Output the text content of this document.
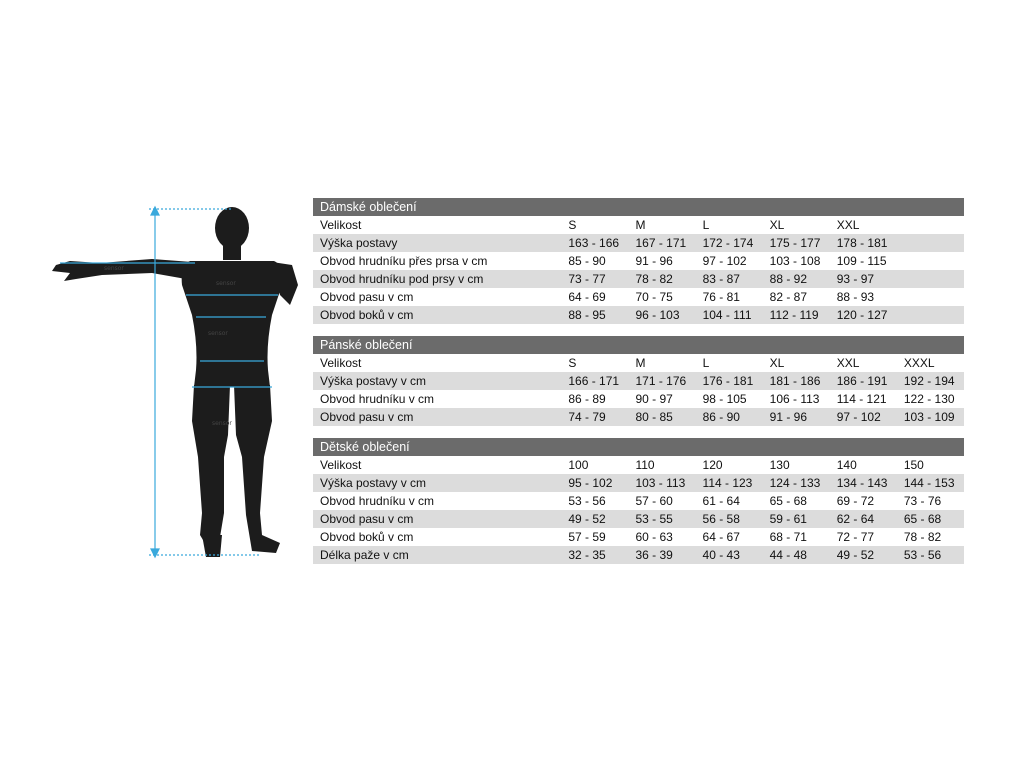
sensor
sensor
sensor
sensor
Dámské oblečení						
Velikost	S	M	L	XL	XXL	
Výška postavy	163 - 166	167 - 171	172 - 174	175 - 177	178 - 181	
Obvod hrudníku přes prsa v cm	85 - 90	91 - 96	97 - 102	103 - 108	109 - 115	
Obvod hrudníku pod prsy v cm	73 - 77	78 - 82	83 - 87	88 - 92	93 - 97	
Obvod pasu v cm	64 - 69	70 - 75	76 - 81	82 - 87	88 - 93	
Obvod boků v cm	88 - 95	96 - 103	104 - 111	112 - 119	120 - 127	
Pánské oblečení						
Velikost	S	M	L	XL	XXL	XXXL
Výška postavy v cm	166 - 171	171 - 176	176 - 181	181 - 186	186 - 191	192 - 194
Obvod hrudníku v cm	86 - 89	90 - 97	98 - 105	106 - 113	114 - 121	122 - 130
Obvod pasu v cm	74 - 79	80 - 85	86 - 90	91 - 96	97 - 102	103 - 109
Dětské oblečení						
Velikost	100	110	120	130	140	150
Výška postavy v cm	95 - 102	103 - 113	114 - 123	124 - 133	134 - 143	144 - 153
Obvod hrudníku v cm	53 - 56	57 - 60	61 - 64	65 - 68	69 - 72	73 - 76
Obvod pasu v cm	49 - 52	53 - 55	56 - 58	59 - 61	62 - 64	65 - 68
Obvod boků v cm	57 - 59	60 - 63	64 - 67	68 - 71	72 - 77	78 - 82
Délka paže v cm	32 - 35	36 - 39	40 - 43	44 - 48	49 - 52	53 - 56
